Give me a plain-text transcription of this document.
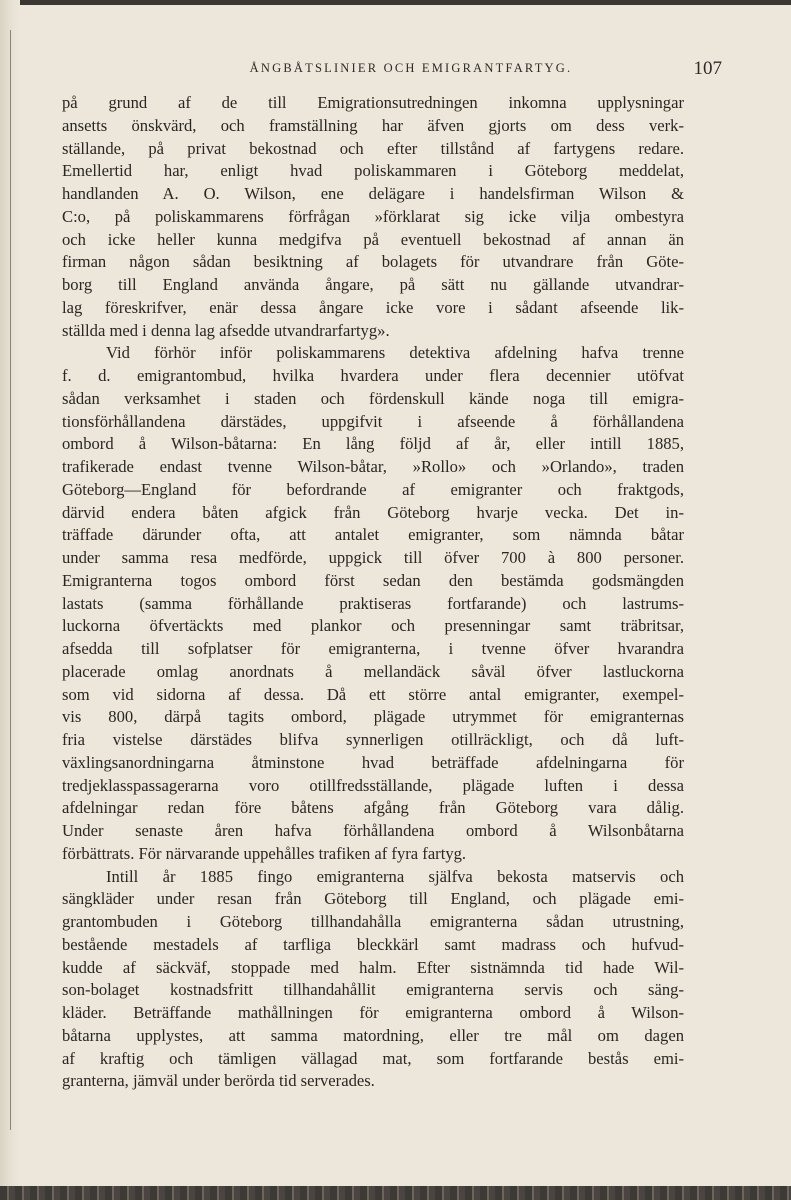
ÅNGBÅTSLINIER OCH EMIGRANTFARTYG.	107
på grund af de till Emigrationsutredningen inkomna upplysningar
ansetts önskvärd, och framställning har äfven gjorts om dess verk-
ställande, på privat bekostnad och efter tillstånd af fartygens redare.
Emellertid har, enligt hvad poliskammaren i Göteborg meddelat,
handlanden A. O. Wilson, ene delägare i handelsfirman Wilson &
C:o, på poliskammarens förfrågan »förklarat sig icke vilja ombestyra
och icke heller kunna medgifva på eventuell bekostnad af annan än
firman någon sådan besiktning af bolagets för utvandrare från Göte-
borg till England använda ångare, på sätt nu gällande utvandrar-
lag föreskrifver, enär dessa ångare icke vore i sådant afseende lik-
ställda med i denna lag afsedde utvandrarfartyg».
Vid förhör inför poliskammarens detektiva afdelning hafva trenne
f. d. emigrantombud, hvilka hvardera under flera decennier utöfvat
sådan verksamhet i staden och fördenskull kände noga till emigra-
tionsförhållandena därstädes, uppgifvit i afseende å förhållandena
ombord å Wilson-båtarna: En lång följd af år, eller intill 1885,
trafikerade endast tvenne Wilson-båtar, »Rollo» och »Orlando», traden
Göteborg—England för befordrande af emigranter och fraktgods,
därvid endera båten afgick från Göteborg hvarje vecka. Det in-
träffade därunder ofta, att antalet emigranter, som nämnda båtar
under samma resa medförde, uppgick till öfver 700 à 800 personer.
Emigranterna togos ombord först sedan den bestämda godsmängden
lastats (samma förhållande praktiseras fortfarande) och lastrums-
luckorna öfvertäckts med plankor och presenningar samt träbritsar,
afsedda till sofplatser för emigranterna, i tvenne öfver hvarandra
placerade omlag anordnats å mellandäck såväl öfver lastluckorna
som vid sidorna af dessa. Då ett större antal emigranter, exempel-
vis 800, därpå tagits ombord, plägade utrymmet för emigranternas
fria vistelse därstädes blifva synnerligen otillräckligt, och då luft-
växlingsanordningarna åtminstone hvad beträffade afdelningarna för
tredjeklasspassagerarna voro otillfredsställande, plägade luften i dessa
afdelningar redan före båtens afgång från Göteborg vara dålig.
Under senaste åren hafva förhållandena ombord å Wilsonbåtarna
förbättrats. För närvarande uppehålles trafiken af fyra fartyg.
Intill år 1885 fingo emigranterna själfva bekosta matservis och
sängkläder under resan från Göteborg till England, och plägade emi-
grantombuden i Göteborg tillhandahålla emigranterna sådan utrustning,
bestående mestadels af tarfliga bleckkärl samt madrass och hufvud-
kudde af säckväf, stoppade med halm. Efter sistnämnda tid hade Wil-
son-bolaget kostnadsfritt tillhandahållit emigranterna servis och säng-
kläder. Beträffande mathållningen för emigranterna ombord å Wilson-
båtarna upplystes, att samma matordning, eller tre mål om dagen
af kraftig och tämligen vällagad mat, som fortfarande bestås emi-
granterna, jämväl under berörda tid serverades.
